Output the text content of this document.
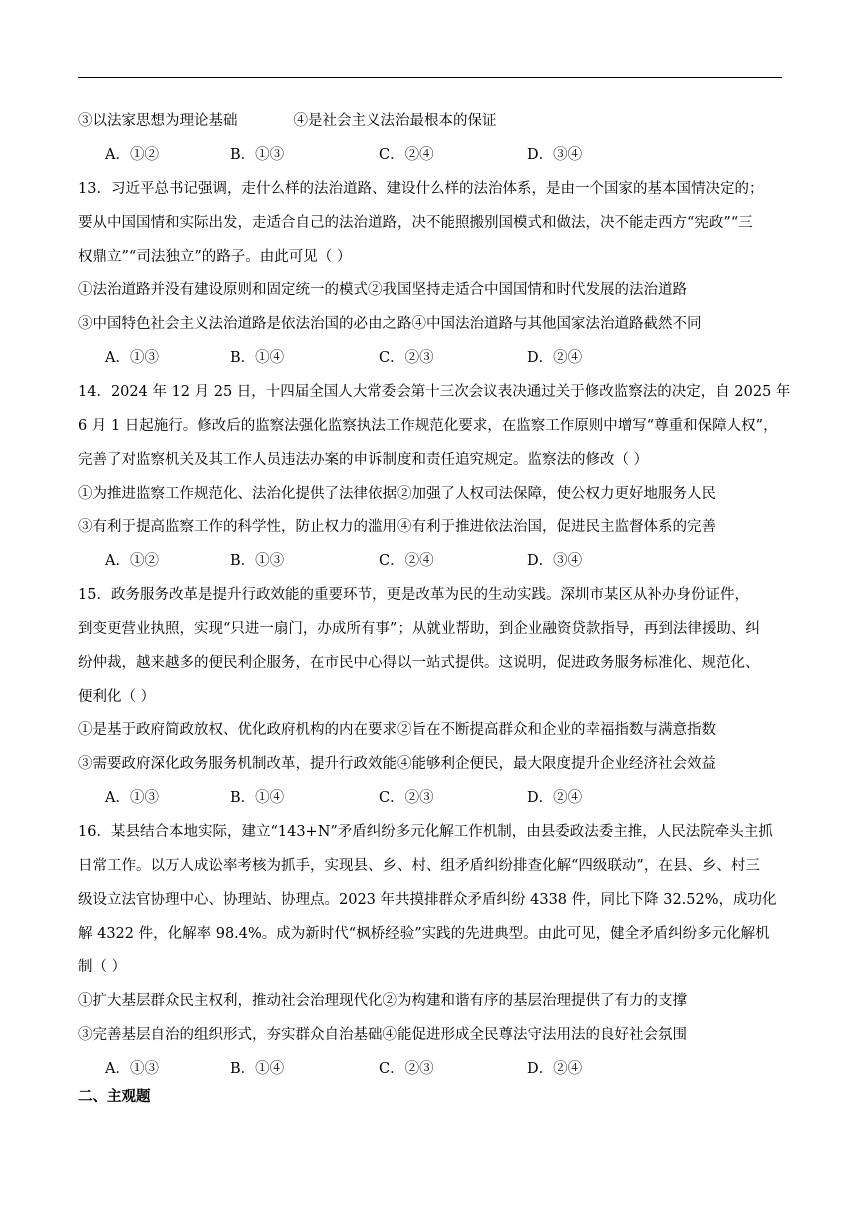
③以法家思想为理论基础	④是社会主义法治最根本的保证
A．①②	B．①③	C．②④	D．③④
13．习近平总书记强调，走什么样的法治道路、建设什么样的法治体系，是由一个国家的基本国情决定的；
要从中国国情和实际出发，走适合自己的法治道路，决不能照搬别国模式和做法，决不能走西方“宪政”“三
权鼎立”“司法独立”的路子。由此可见（ ）
①法治道路并没有建设原则和固定统一的模式②我国坚持走适合中国国情和时代发展的法治道路
③中国特色社会主义法治道路是依法治国的必由之路④中国法治道路与其他国家法治道路截然不同
A．①③	B．①④	C．②③	D．②④
14．2024 年 12 月 25 日，十四届全国人大常委会第十三次会议表决通过关于修改监察法的决定，自 2025 年
6 月 1 日起施行。修改后的监察法强化监察执法工作规范化要求，在监察工作原则中增写“尊重和保障人权”，
完善了对监察机关及其工作人员违法办案的申诉制度和责任追究规定。监察法的修改（ ）
①为推进监察工作规范化、法治化提供了法律依据②加强了人权司法保障，使公权力更好地服务人民
③有利于提高监察工作的科学性，防止权力的滥用④有利于推进依法治国，促进民主监督体系的完善
A．①②	B．①③	C．②④	D．③④
15．政务服务改革是提升行政效能的重要环节，更是改革为民的生动实践。深圳市某区从补办身份证件，
到变更营业执照，实现“只进一扇门，办成所有事”；从就业帮助，到企业融资贷款指导，再到法律援助、纠
纷仲裁，越来越多的便民利企服务，在市民中心得以一站式提供。这说明，促进政务服务标准化、规范化、
便利化（ ）
①是基于政府简政放权、优化政府机构的内在要求②旨在不断提高群众和企业的幸福指数与满意指数
③需要政府深化政务服务机制改革，提升行政效能④能够利企便民，最大限度提升企业经济社会效益
A．①③	B．①④	C．②③	D．②④
16．某县结合本地实际，建立“143+N”矛盾纠纷多元化解工作机制，由县委政法委主推，人民法院牵头主抓
日常工作。以万人成讼率考核为抓手，实现县、乡、村、组矛盾纠纷排查化解“四级联动”，在县、乡、村三
级设立法官协理中心、协理站、协理点。2023 年共摸排群众矛盾纠纷 4338 件，同比下降 32.52%，成功化
解 4322 件，化解率 98.4%。成为新时代“枫桥经验”实践的先进典型。由此可见，健全矛盾纠纷多元化解机
制（ ）
①扩大基层群众民主权利，推动社会治理现代化②为构建和谐有序的基层治理提供了有力的支撑
③完善基层自治的组织形式，夯实群众自治基础④能促进形成全民尊法守法用法的良好社会氛围
A．①③	B．①④	C．②③	D．②④
二、主观题
